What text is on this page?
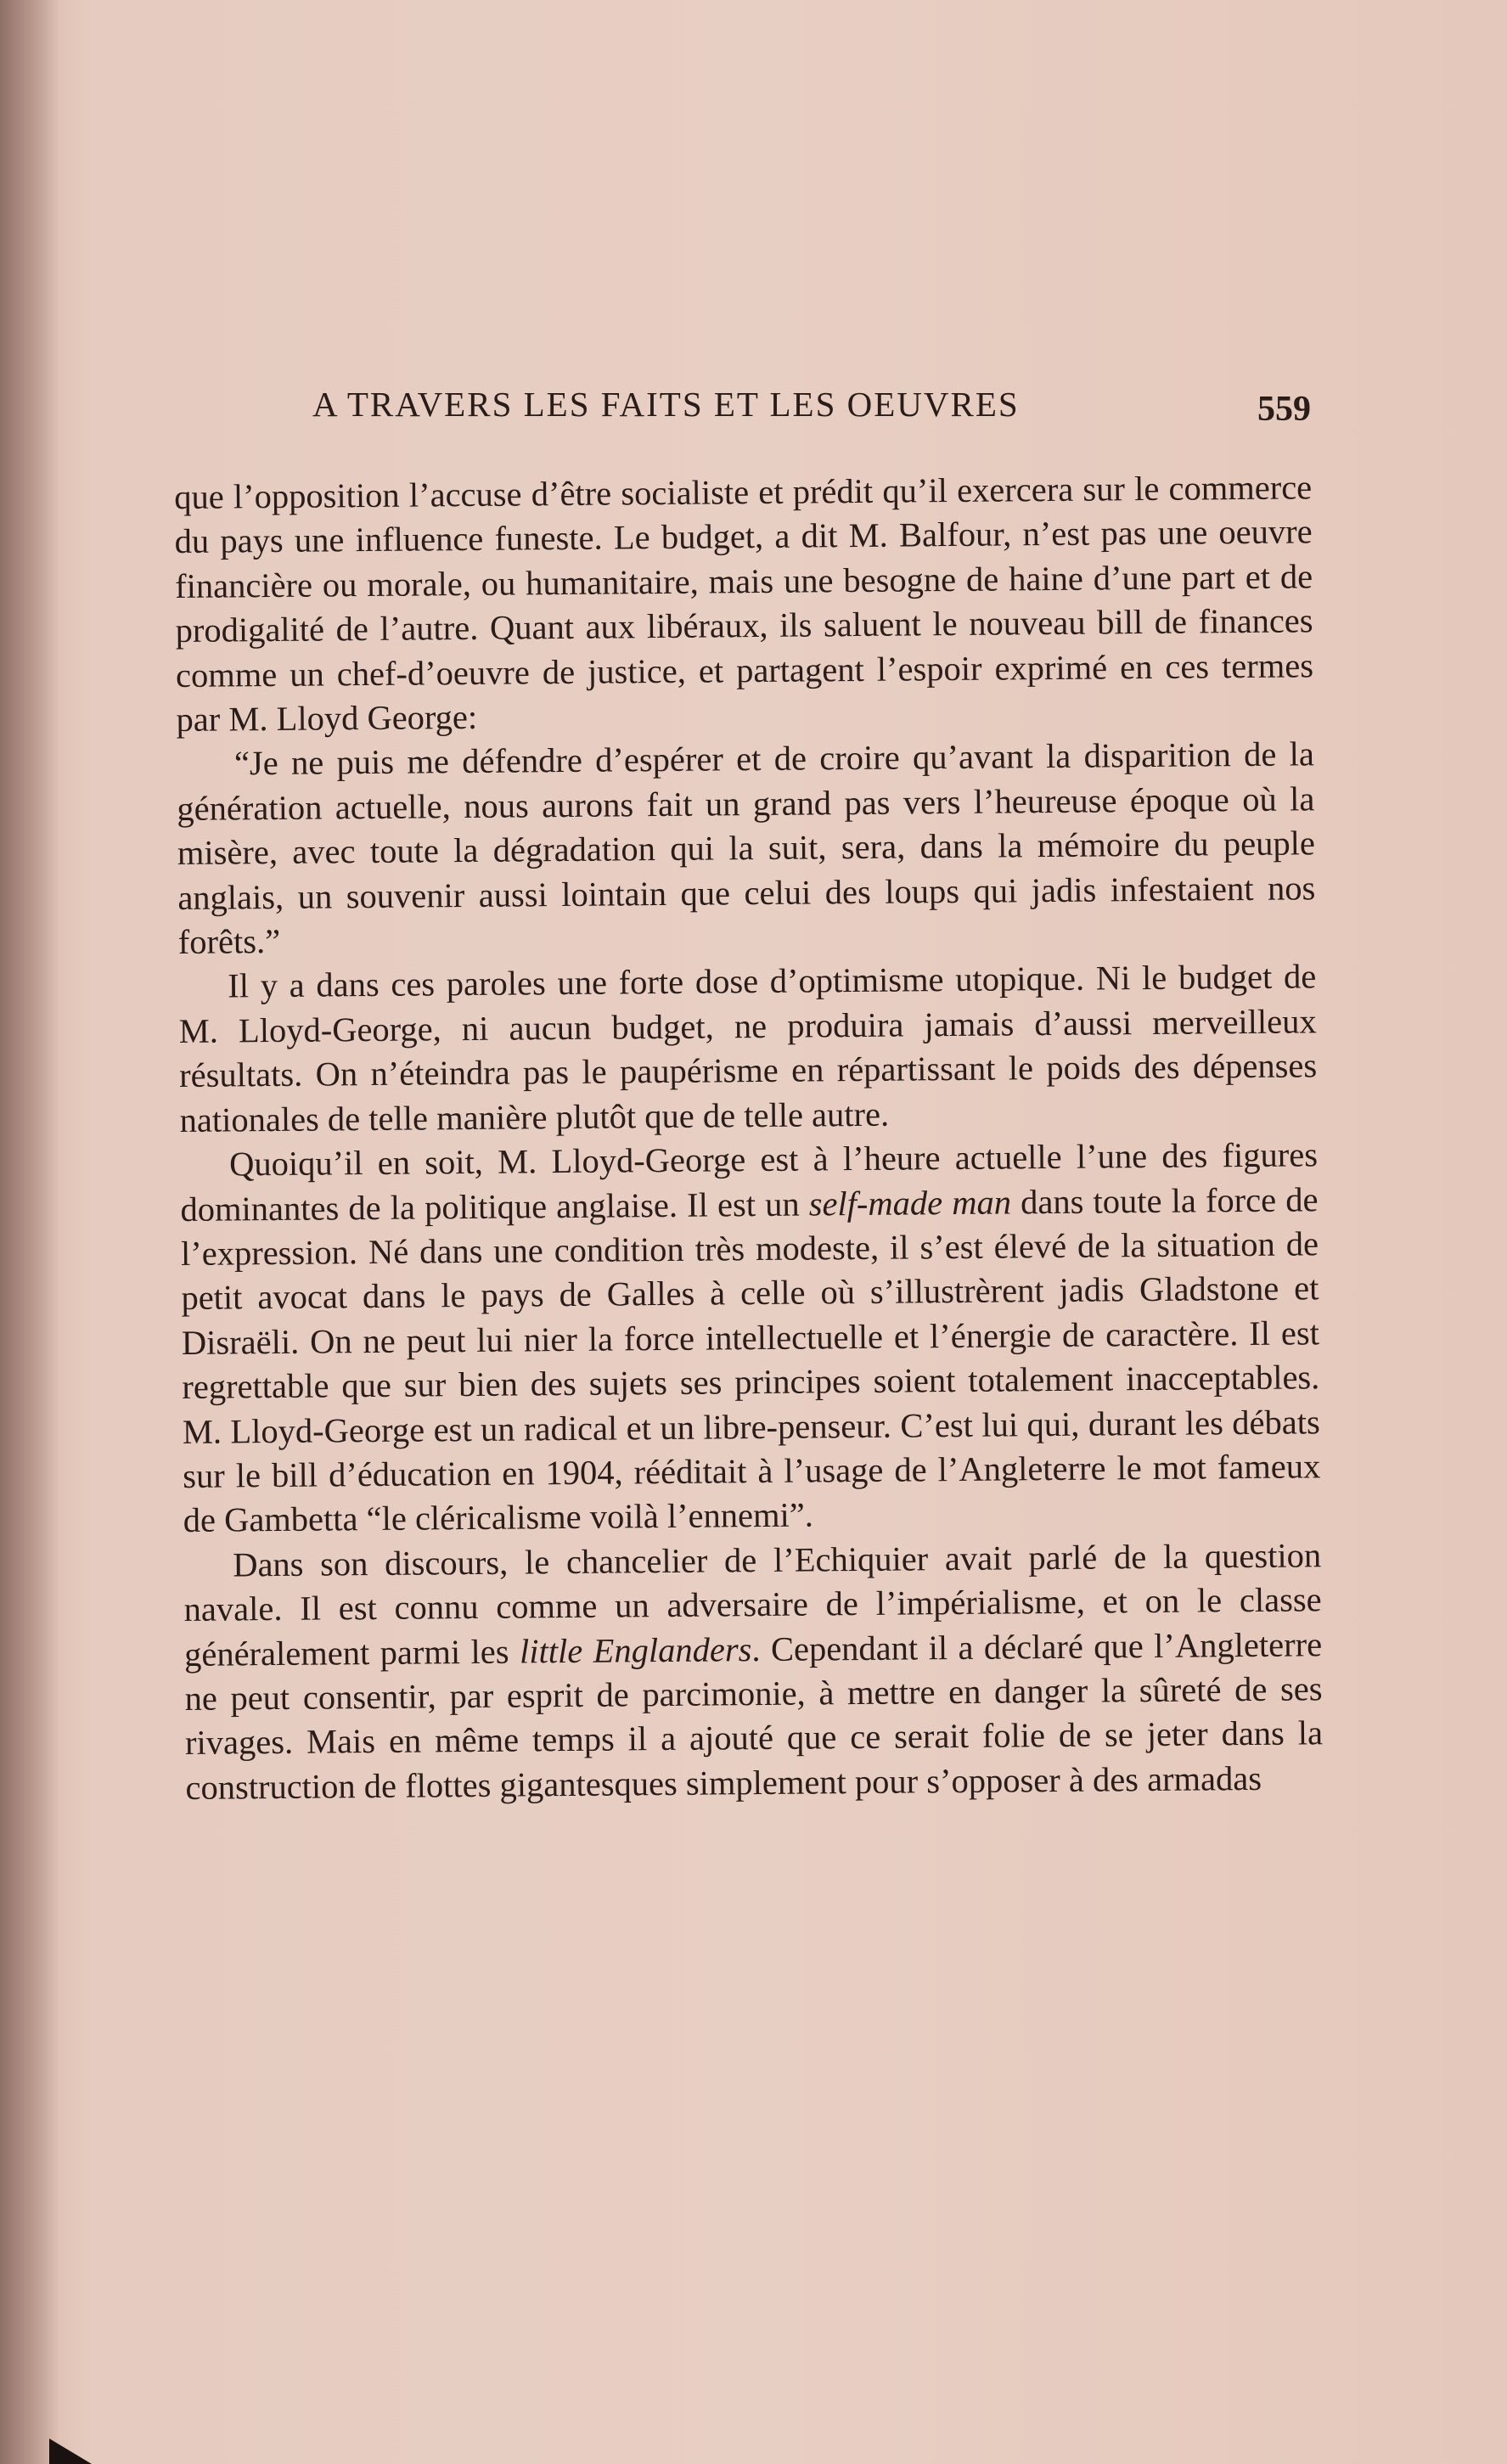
A TRAVERS LES FAITS ET LES OEUVRES	559

que l’opposition l’accuse d’être socialiste et prédit qu’il exercera sur le commerce du pays une influence funeste. Le budget, a dit M. Balfour, n’est pas une oeuvre financière ou morale, ou humanitaire, mais une besogne de haine d’une part et de prodigalité de l’autre. Quant aux libéraux, ils saluent le nouveau bill de finances comme un chef-d’oeuvre de justice, et partagent l’espoir exprimé en ces termes par M. Lloyd George:

“Je ne puis me défendre d’espérer et de croire qu’avant la disparition de la génération actuelle, nous aurons fait un grand pas vers l’heureuse époque où la misère, avec toute la dégradation qui la suit, sera, dans la mémoire du peuple anglais, un souvenir aussi lointain que celui des loups qui jadis infestaient nos forêts.”

Il y a dans ces paroles une forte dose d’optimisme utopique. Ni le budget de M. Lloyd-George, ni aucun budget, ne produira jamais d’aussi merveilleux résultats. On n’éteindra pas le paupérisme en répartissant le poids des dépenses nationales de telle manière plutôt que de telle autre.

Quoiqu’il en soit, M. Lloyd-George est à l’heure actuelle l’une des figures dominantes de la politique anglaise. Il est un self-made man dans toute la force de l’expression. Né dans une condition très modeste, il s’est élevé de la situation de petit avocat dans le pays de Galles à celle où s’illustrèrent jadis Gladstone et Disraëli. On ne peut lui nier la force intellectuelle et l’énergie de caractère. Il est regrettable que sur bien des sujets ses principes soient totalement inacceptables. M. Lloyd-George est un radical et un libre-penseur. C’est lui qui, durant les débats sur le bill d’éducation en 1904, rééditait à l’usage de l’Angleterre le mot fameux de Gambetta “le cléricalisme voilà l’ennemi”.

Dans son discours, le chancelier de l’Echiquier avait parlé de la question navale. Il est connu comme un adversaire de l’impérialisme, et on le classe généralement parmi les little Englanders. Cependant il a déclaré que l’Angleterre ne peut consentir, par esprit de parcimonie, à mettre en danger la sûreté de ses rivages. Mais en même temps il a ajouté que ce serait folie de se jeter dans la construction de flottes gigantesques simplement pour s’opposer à des armadas
